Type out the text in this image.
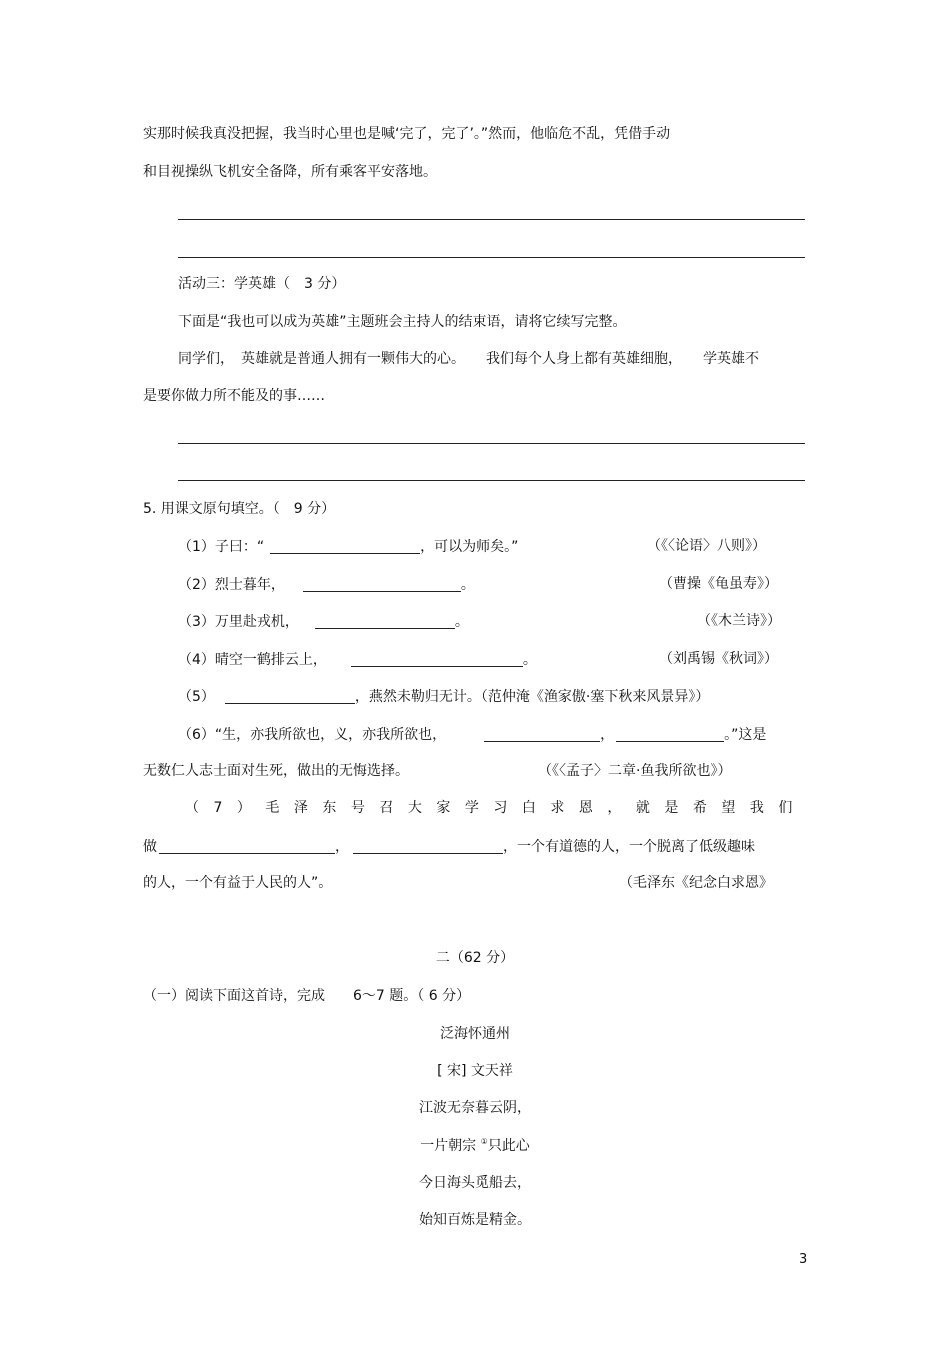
实那时候我真没把握，我当时心里也是喊‘完了，完了’。”然而，他临危不乱，凭借手动
和目视操纵飞机安全备降，所有乘客平安落地。
活动三：学英雄（　3 分）
下面是“我也可以成为英雄”主题班会主持人的结束语，请将它续写完整。
同学们，　英雄就是普通人拥有一颗伟大的心。　　我们每个人身上都有英雄细胞，　　学英雄不
是要你做力所不能及的事……
5. 用课文原句填空。（　9 分）
（1）子曰：“	，可以为师矣。”	（《〈论语〉八则》）
（2）烈士暮年，	。	（曹操《龟虽寿》）
（3）万里赴戎机，	。	（《木兰诗》）
（4）晴空一鹤排云上，	。	（刘禹锡《秋词》）
（5）	，燕然未勒归无计。（范仲淹《渔家傲·塞下秋来风景异》）
（6）“生，亦我所欲也，义，亦我所欲也，	，	。”这是
无数仁人志士面对生死，做出的无悔选择。	（《〈孟子〉二章·鱼我所欲也》）
（7）毛泽东号召大家学习白求恩，就是希望我们
做	，	，一个有道德的人，一个脱离了低级趣味
的人，一个有益于人民的人”。	（毛泽东《纪念白求恩》
二（62 分）
（一）阅读下面这首诗，完成　　6～7 题。（ 6 分）
泛海怀通州
[ 宋] 文天祥
江波无奈暮云阴，
一片朝宗 ①只此心
今日海头觅船去，
始知百炼是精金。
3
